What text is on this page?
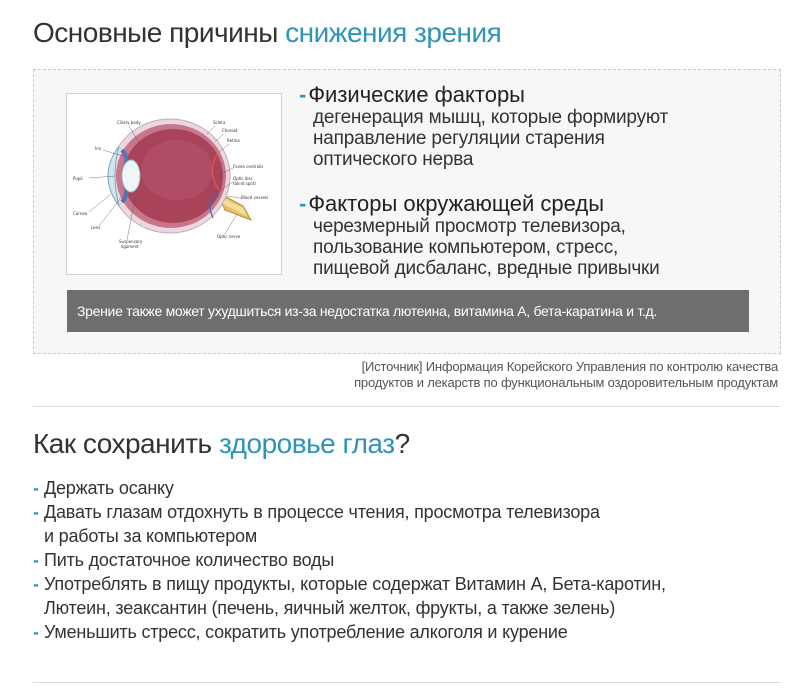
Основные причины снижения зрения
Ciliary body	Sclera
Choroid
Retina
Iris
Fovea centralis
Optic disc
(blind spot)
Pupil
Blood vessels
Cornea
Lens
Optic nerve
Suspensory
ligament
-Физические факторы
дегенерация мышц, которые формируют
направление регуляции старения
оптического нерва
-Факторы окружающей среды
черезмерный просмотр телевизора,
пользование компьютером, стресс,
пищевой дисбаланс, вредные привычки
Зрение также может ухудшиться из-за недостатка лютеина, витамина А, бета-каратина и т.д.
[Источник] Информация Корейского Управления по контролю качества
продуктов и лекарств по функциональным оздоровительным продуктам
Как сохранить здоровье глаз?
- Держать осанку
- Давать глазам отдохнуть в процессе чтения, просмотра телевизора
и работы за компьютером
- Пить достаточное количество воды
- Употреблять в пищу продукты, которые содержат Витамин А, Бета-каротин,
Лютеин, зеаксантин (печень, яичный желток, фрукты, а также зелень)
- Уменьшить стресс, сократить употребление алкоголя и курение
